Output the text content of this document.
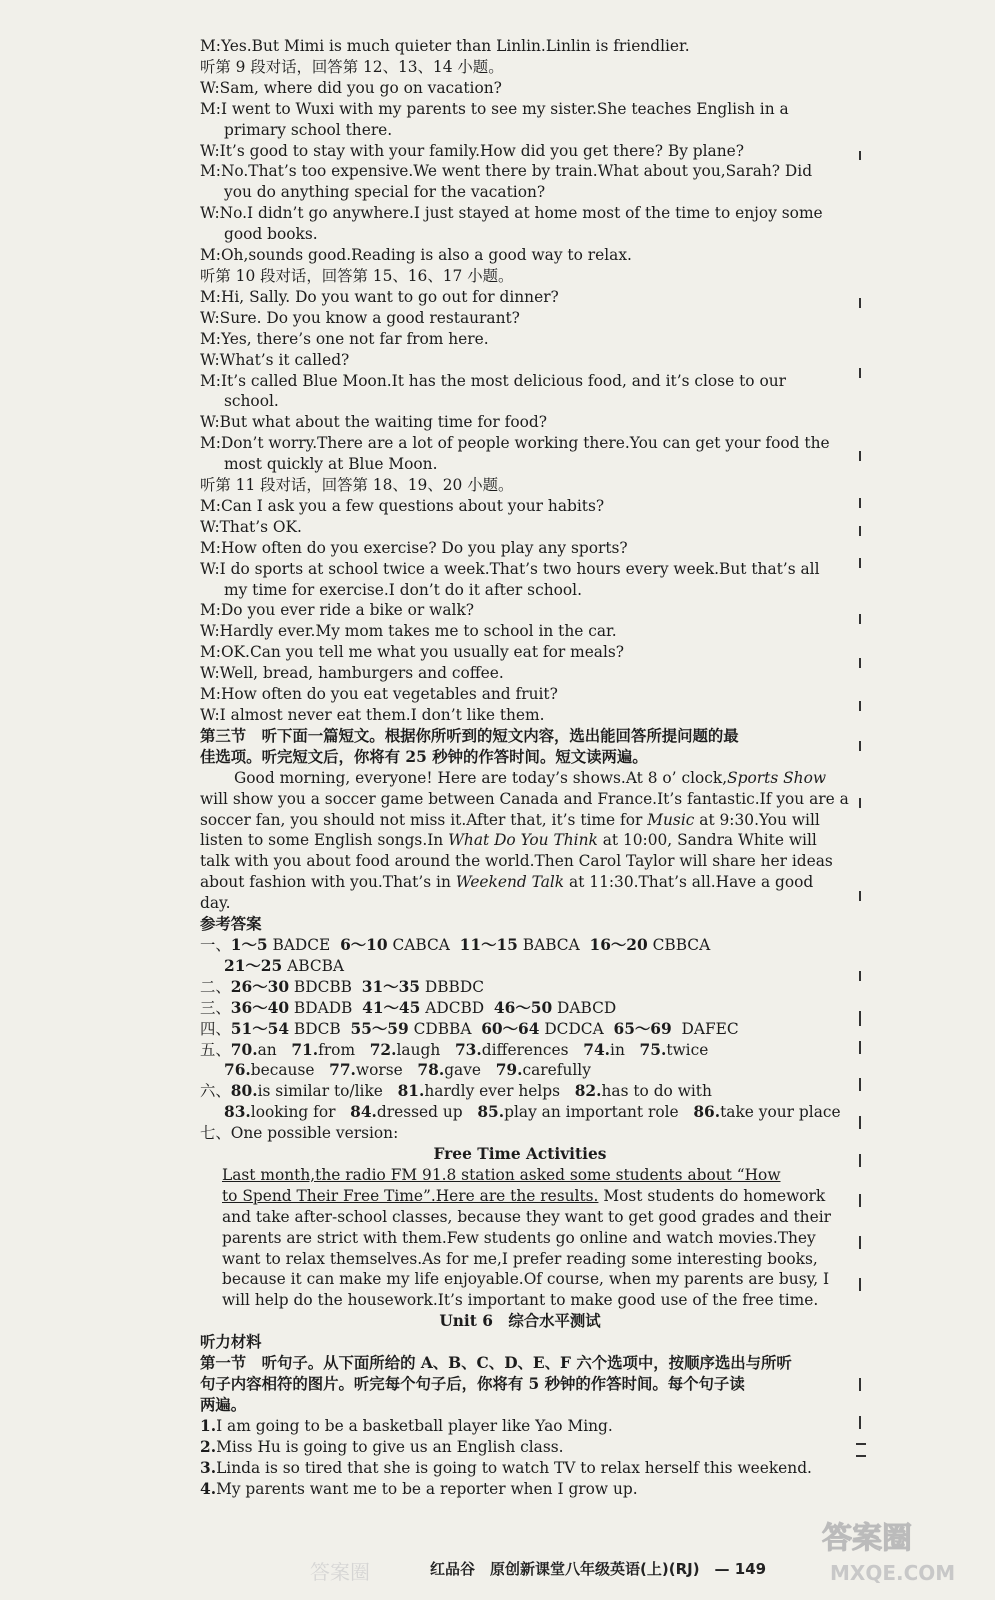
M:Yes.But Mimi is much quieter than Linlin.Linlin is friendlier.
听第 9 段对话，回答第 12、13、14 小题。
W:Sam, where did you go on vacation?
M:I went to Wuxi with my parents to see my sister.She teaches English in a
primary school there.
W:It’s good to stay with your family.How did you get there? By plane?
M:No.That’s too expensive.We went there by train.What about you,Sarah? Did
you do anything special for the vacation?
W:No.I didn’t go anywhere.I just stayed at home most of the time to enjoy some
good books.
M:Oh,sounds good.Reading is also a good way to relax.
听第 10 段对话，回答第 15、16、17 小题。
M:Hi, Sally. Do you want to go out for dinner?
W:Sure. Do you know a good restaurant?
M:Yes, there’s one not far from here.
W:What’s it called?
M:It’s called Blue Moon.It has the most delicious food, and it’s close to our
school.
W:But what about the waiting time for food?
M:Don’t worry.There are a lot of people working there.You can get your food the
most quickly at Blue Moon.
听第 11 段对话，回答第 18、19、20 小题。
M:Can I ask you a few questions about your habits?
W:That’s OK.
M:How often do you exercise? Do you play any sports?
W:I do sports at school twice a week.That’s two hours every week.But that’s all
my time for exercise.I don’t do it after school.
M:Do you ever ride a bike or walk?
W:Hardly ever.My mom takes me to school in the car.
M:OK.Can you tell me what you usually eat for meals?
W:Well, bread, hamburgers and coffee.
M:How often do you eat vegetables and fruit?
W:I almost never eat them.I don’t like them.
第三节　听下面一篇短文。根据你所听到的短文内容，选出能回答所提问题的最
佳选项。听完短文后，你将有 25 秒钟的作答时间。短文读两遍。
Good morning, everyone! Here are today’s shows.At 8 o’ clock,Sports Show
will show you a soccer game between Canada and France.It’s fantastic.If you are a
soccer fan, you should not miss it.After that, it’s time for Music at 9:30.You will
listen to some English songs.In What Do You Think at 10:00, Sandra White will
talk with you about food around the world.Then Carol Taylor will share her ideas
about fashion with you.That’s in Weekend Talk at 11:30.That’s all.Have a good
day.
参考答案
一、1～5 BADCE  6～10 CABCA  11～15 BABCA  16～20 CBBCA
21～25 ABCBA
二、26～30 BDCBB  31～35 DBBDC
三、36～40 BDADB  41～45 ADCBD  46～50 DABCD
四、51～54 BDCB  55～59 CDBBA  60～64 DCDCA  65～69  DAFEC
五、70.an   71.from   72.laugh   73.differences   74.in   75.twice
76.because   77.worse   78.gave   79.carefully
六、80.is similar to/like   81.hardly ever helps   82.has to do with
83.looking for   84.dressed up   85.play an important role   86.take your place
七、One possible version:
Free Time Activities
Last month,the radio FM 91.8 station asked some students about “How
to Spend Their Free Time”.Here are the results. Most students do homework
and take after-school classes, because they want to get good grades and their
parents are strict with them.Few students go online and watch movies.They
want to relax themselves.As for me,I prefer reading some interesting books,
because it can make my life enjoyable.Of course, when my parents are busy, I
will help do the housework.It’s important to make good use of the free time.
Unit 6　综合水平测试
听力材料
第一节　听句子。从下面所给的 A、B、C、D、E、F 六个选项中，按顺序选出与所听
句子内容相符的图片。听完每个句子后，你将有 5 秒钟的作答时间。每个句子读
两遍。
1.I am going to be a basketball player like Yao Ming.
2.Miss Hu is going to give us an English class.
3.Linda is so tired that she is going to watch TV to relax herself this weekend.
4.My parents want me to be a reporter when I grow up.
红品谷　原创新课堂八年级英语(上)(RJ)　— 149
答案圈
答案圈
MXQE.COM
